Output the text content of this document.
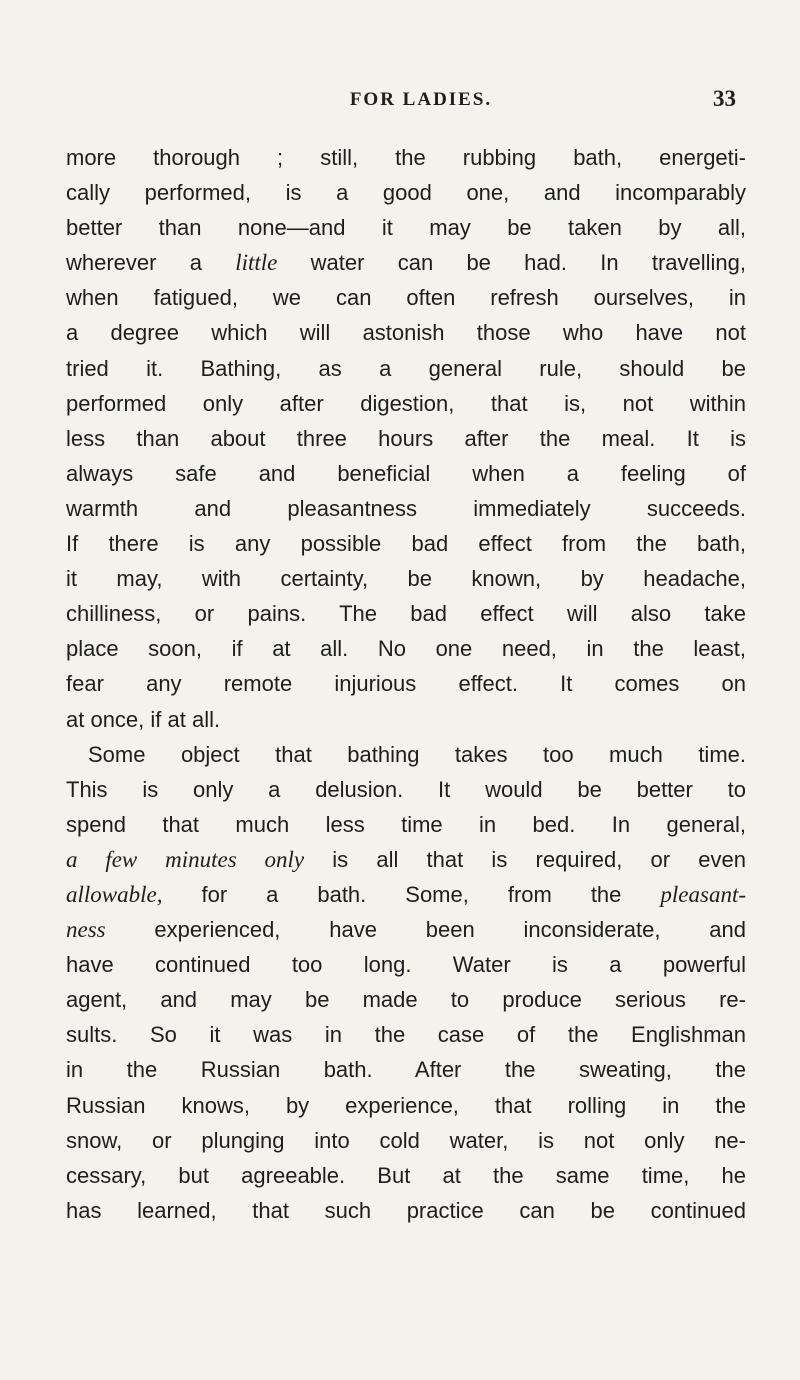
FOR LADIES.	33
more thorough ; still, the rubbing bath, energeti-
cally performed, is a good one, and incomparably
better than none—and it may be taken by all,
wherever a little water can be had. In travelling,
when fatigued, we can often refresh ourselves, in
a degree which will astonish those who have not
tried it. Bathing, as a general rule, should be
performed only after digestion, that is, not within
less than about three hours after the meal. It is
always safe and beneficial when a feeling of
warmth and pleasantness immediately succeeds.
If there is any possible bad effect from the bath,
it may, with certainty, be known, by headache,
chilliness, or pains. The bad effect will also take
place soon, if at all. No one need, in the least,
fear any remote injurious effect. It comes on
at once, if at all.
Some object that bathing takes too much time.
This is only a delusion. It would be better to
spend that much less time in bed. In general,
a few minutes only is all that is required, or even
allowable, for a bath. Some, from the pleasant-
ness experienced, have been inconsiderate, and
have continued too long. Water is a powerful
agent, and may be made to produce serious re-
sults. So it was in the case of the Englishman
in the Russian bath. After the sweating, the
Russian knows, by experience, that rolling in the
snow, or plunging into cold water, is not only ne-
cessary, but agreeable. But at the same time, he
has learned, that such practice can be continued
